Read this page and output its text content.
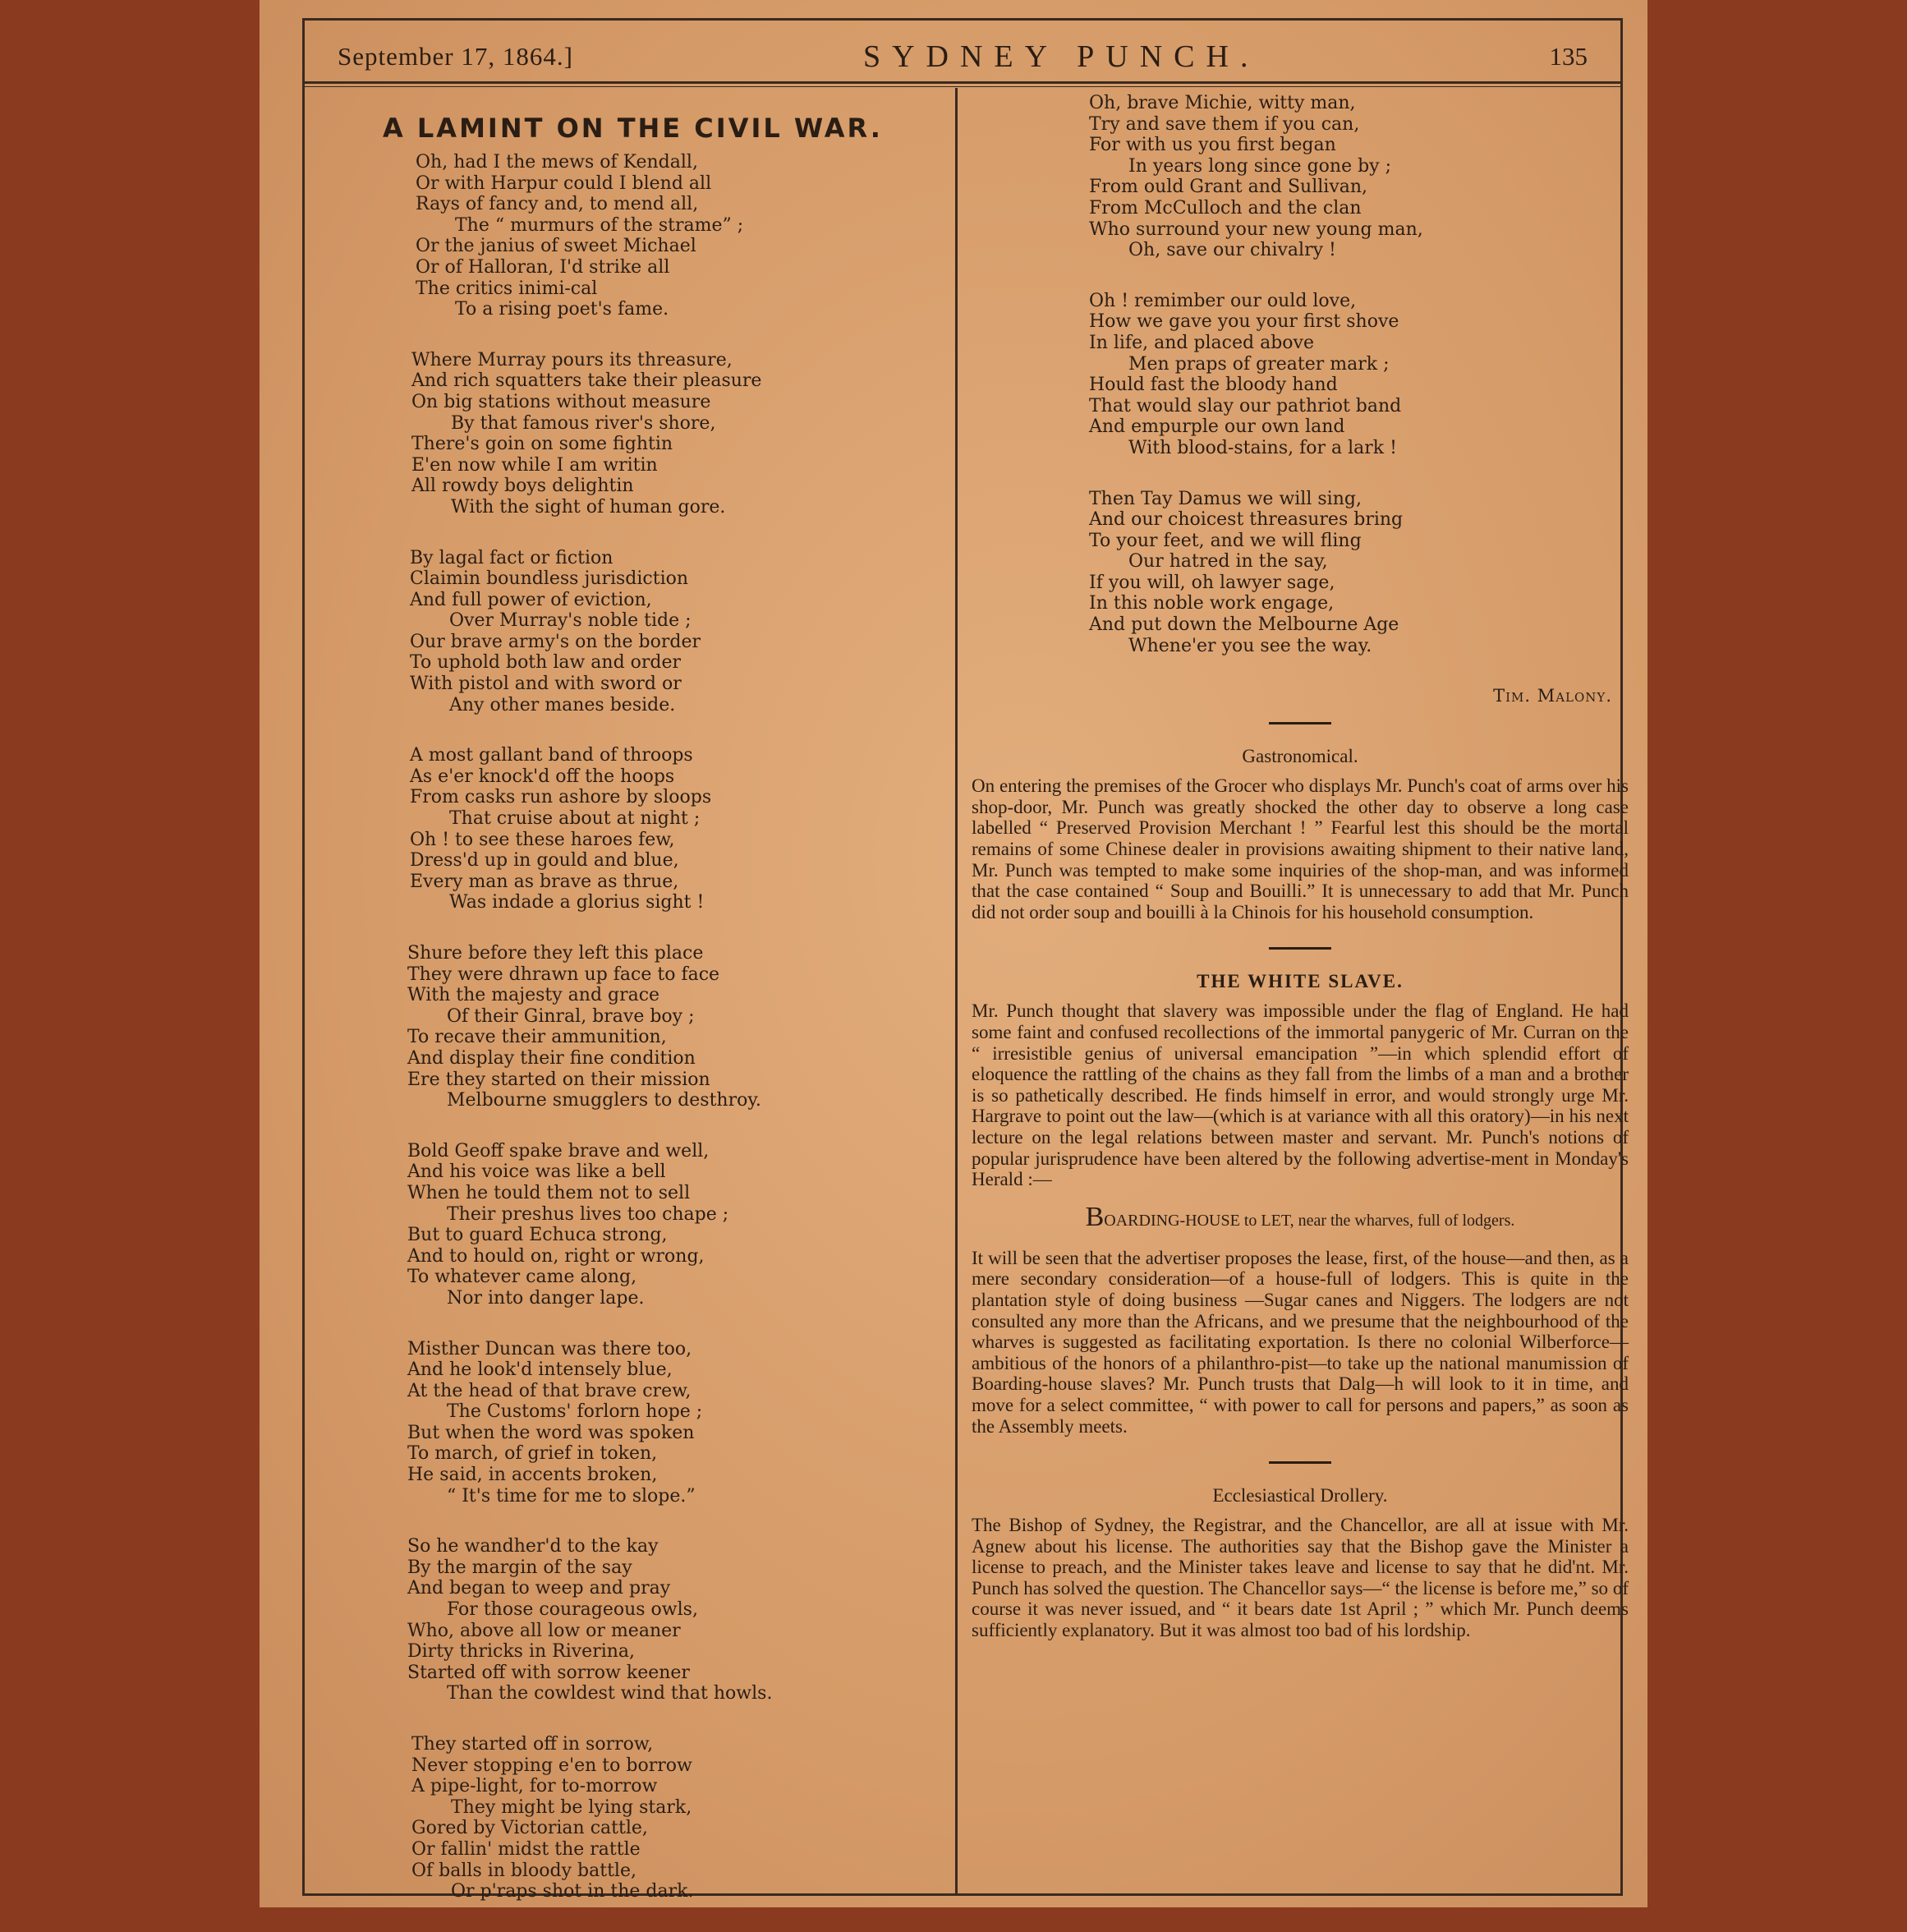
September 17, 1864.]	SYDNEY PUNCH.	135
A LAMINT ON THE CIVIL WAR.
Oh, had I the mews of Kendall,
Or with Harpur could I blend all
Rays of fancy and, to mend all,
The “ murmurs of the strame” ;
Or the janius of sweet Michael
Or of Halloran, I'd strike all
The critics inimi-cal
To a rising poet's fame.
Where Murray pours its threasure,
And rich squatters take their pleasure
On big stations without measure
By that famous river's shore,
There's goin on some fightin
E'en now while I am writin
All rowdy boys delightin
With the sight of human gore.
By lagal fact or fiction
Claimin boundless jurisdiction
And full power of eviction,
Over Murray's noble tide ;
Our brave army's on the border
To uphold both law and order
With pistol and with sword or
Any other manes beside.
A most gallant band of throops
As e'er knock'd off the hoops
From casks run ashore by sloops
That cruise about at night ;
Oh ! to see these haroes few,
Dress'd up in gould and blue,
Every man as brave as thrue,
Was indade a glorius sight !
Shure before they left this place
They were dhrawn up face to face
With the majesty and grace
Of their Ginral, brave boy ;
To recave their ammunition,
And display their fine condition
Ere they started on their mission
Melbourne smugglers to desthroy.
Bold Geoff spake brave and well,
And his voice was like a bell
When he tould them not to sell
Their preshus lives too chape ;
But to guard Echuca strong,
And to hould on, right or wrong,
To whatever came along,
Nor into danger lape.
Misther Duncan was there too,
And he look'd intensely blue,
At the head of that brave crew,
The Customs' forlorn hope ;
But when the word was spoken
To march, of grief in token,
He said, in accents broken,
“ It's time for me to slope.”
So he wandher'd to the kay
By the margin of the say
And began to weep and pray
For those courageous owls,
Who, above all low or meaner
Dirty thricks in Riverina,
Started off with sorrow keener
Than the cowldest wind that howls.
They started off in sorrow,
Never stopping e'en to borrow
A pipe-light, for to-morrow
They might be lying stark,
Gored by Victorian cattle,
Or fallin' midst the rattle
Of balls in bloody battle,
Or p'raps shot in the dark.
Oh, brave Michie, witty man,
Try and save them if you can,
For with us you first began
In years long since gone by ;
From ould Grant and Sullivan,
From McCulloch and the clan
Who surround your new young man,
Oh, save our chivalry !
Oh ! remimber our ould love,
How we gave you your first shove
In life, and placed above
Men praps of greater mark ;
Hould fast the bloody hand
That would slay our pathriot band
And empurple our own land
With blood-stains, for a lark !
Then Tay Damus we will sing,
And our choicest threasures bring
To your feet, and we will fling
Our hatred in the say,
If you will, oh lawyer sage,
In this noble work engage,
And put down the Melbourne Age
Whene'er you see the way.
Tim. Malony.
Gastronomical.

On entering the premises of the Grocer who displays Mr. Punch's coat of arms over his shop-door, Mr. Punch was greatly shocked the other day to observe a long case labelled “ Preserved Provision Merchant ! ” Fearful lest this should be the mortal remains of some Chinese dealer in provisions awaiting shipment to their native land, Mr. Punch was tempted to make some inquiries of the shop-man, and was informed that the case contained “ Soup and Bouilli.” It is unnecessary to add that Mr. Punch did not order soup and bouilli à la Chinois for his household consumption.

THE WHITE SLAVE.

Mr. Punch thought that slavery was impossible under the flag of England. He had some faint and confused recollections of the immortal panygeric of Mr. Curran on the “ irresistible genius of universal emancipation ”—in which splendid effort of eloquence the rattling of the chains as they fall from the limbs of a man and a brother is so pathetically described. He finds himself in error, and would strongly urge Mr. Hargrave to point out the law—(which is at variance with all this oratory)—in his next lecture on the legal relations between master and servant. Mr. Punch's notions of popular jurisprudence have been altered by the following advertise-ment in Monday's Herald :—

BOARDING-HOUSE to LET, near the wharves, full of lodgers.

It will be seen that the advertiser proposes the lease, first, of the house—and then, as a mere secondary consideration—of a house-full of lodgers. This is quite in the plantation style of doing business —Sugar canes and Niggers. The lodgers are not consulted any more than the Africans, and we presume that the neighbourhood of the wharves is suggested as facilitating exportation. Is there no colonial Wilberforce—ambitious of the honors of a philanthro-pist—to take up the national manumission of Boarding-house slaves? Mr. Punch trusts that Dalg—h will look to it in time, and move for a select committee, “ with power to call for persons and papers,” as soon as the Assembly meets.

Ecclesiastical Drollery.

The Bishop of Sydney, the Registrar, and the Chancellor, are all at issue with Mr. Agnew about his license. The authorities say that the Bishop gave the Minister a license to preach, and the Minister takes leave and license to say that he did'nt. Mr. Punch has solved the question. The Chancellor says—“ the license is before me,” so of course it was never issued, and “ it bears date 1st April ; ” which Mr. Punch deems sufficiently explanatory. But it was almost too bad of his lordship.
